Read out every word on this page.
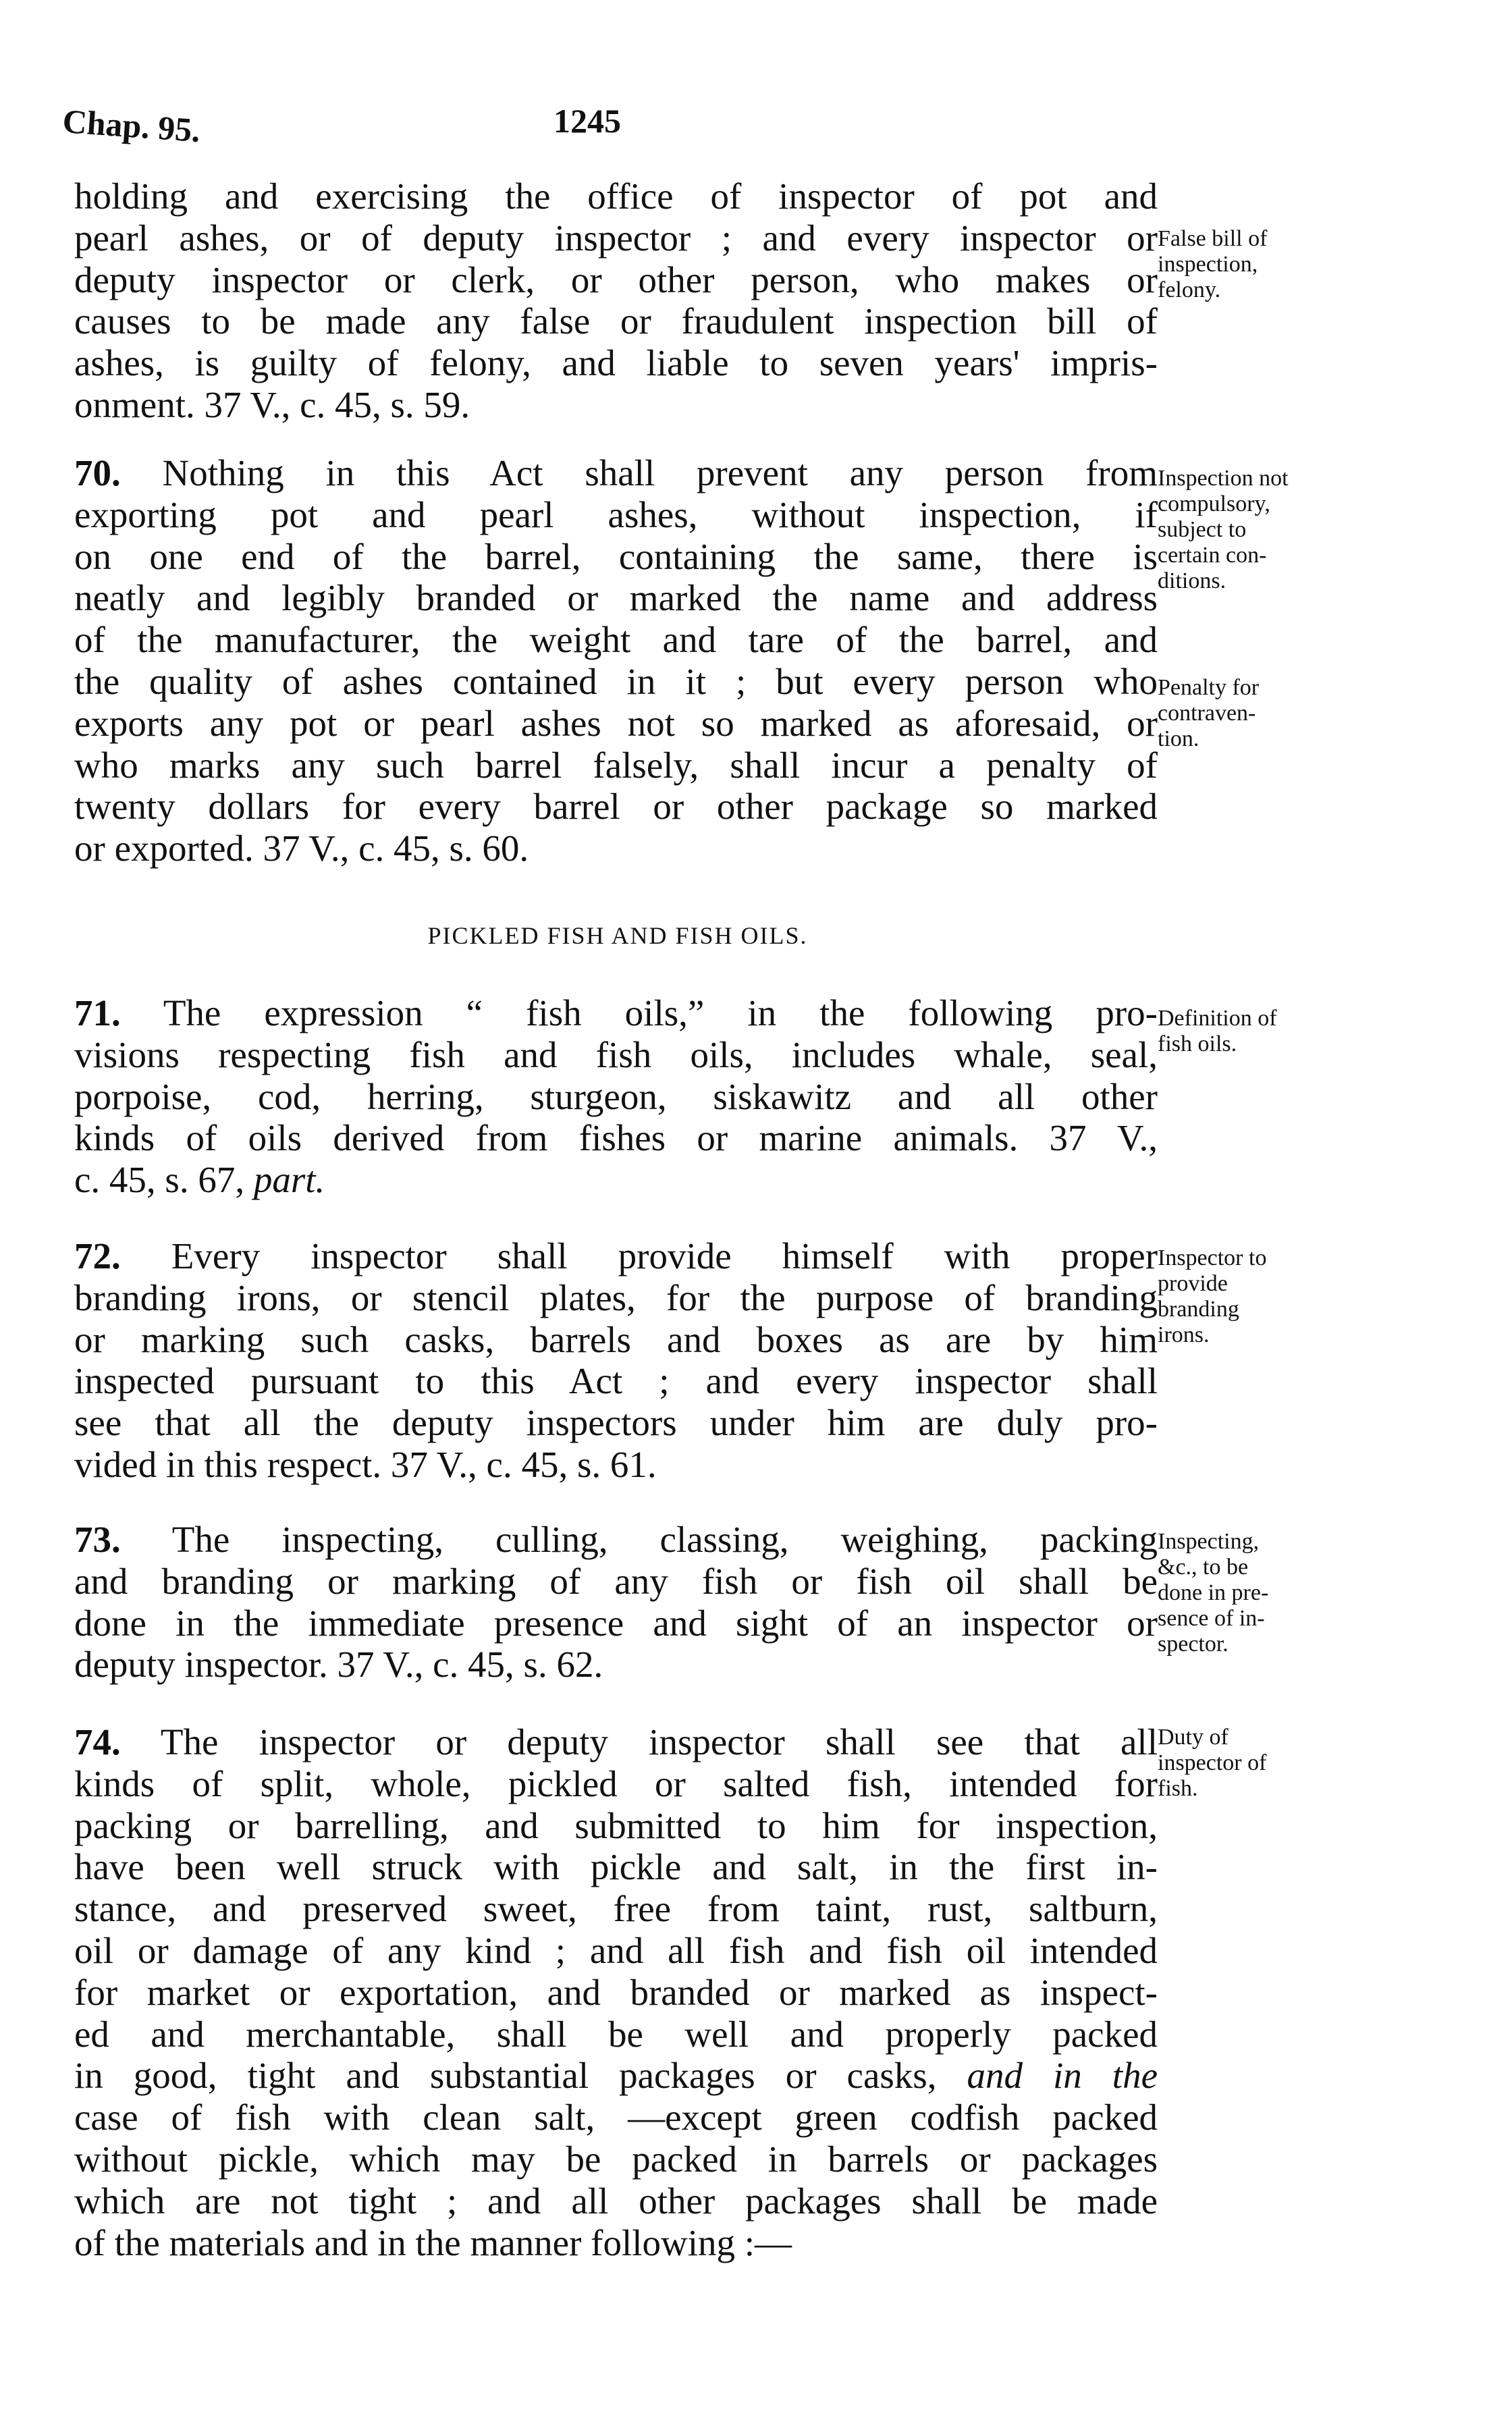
Chap. 95.	1245

holding and exercising the office of inspector of pot and
pearl ashes, or of deputy inspector ; and every inspector or
deputy inspector or clerk, or other person, who makes or
causes to be made any false or fraudulent inspection bill of
ashes, is guilty of felony, and liable to seven years' impris-
onment. 37 V., c. 45, s. 59.

70. Nothing in this Act shall prevent any person from
exporting pot and pearl ashes, without inspection, if
on one end of the barrel, containing the same, there is
neatly and legibly branded or marked the name and address
of the manufacturer, the weight and tare of the barrel, and
the quality of ashes contained in it ; but every person who
exports any pot or pearl ashes not so marked as aforesaid, or
who marks any such barrel falsely, shall incur a penalty of
twenty dollars for every barrel or other package so marked
or exported. 37 V., c. 45, s. 60.

PICKLED FISH AND FISH OILS.

71. The expression “ fish oils,” in the following pro-
visions respecting fish and fish oils, includes whale, seal,
porpoise, cod, herring, sturgeon, siskawitz and all other
kinds of oils derived from fishes or marine animals. 37 V.,
c. 45, s. 67, part.

72. Every inspector shall provide himself with proper
branding irons, or stencil plates, for the purpose of branding
or marking such casks, barrels and boxes as are by him
inspected pursuant to this Act ; and every inspector shall
see that all the deputy inspectors under him are duly pro-
vided in this respect. 37 V., c. 45, s. 61.

73. The inspecting, culling, classing, weighing, packing
and branding or marking of any fish or fish oil shall be
done in the immediate presence and sight of an inspector or
deputy inspector. 37 V., c. 45, s. 62.

74. The inspector or deputy inspector shall see that all
kinds of split, whole, pickled or salted fish, intended for
packing or barrelling, and submitted to him for inspection,
have been well struck with pickle and salt, in the first in-
stance, and preserved sweet, free from taint, rust, saltburn,
oil or damage of any kind ; and all fish and fish oil intended
for market or exportation, and branded or marked as inspect-
ed and merchantable, shall be well and properly packed
in good, tight and substantial packages or casks, and in the
case of fish with clean salt, —except green codfish packed
without pickle, which may be packed in barrels or packages
which are not tight ; and all other packages shall be made
of the materials and in the manner following :—

False bill of
inspection,
felony.
Inspection not
compulsory,
subject to
certain con-
ditions.
Penalty for
contraven-
tion.
Definition of
fish oils.
Inspector to
provide
branding
irons.
Inspecting,
&c., to be
done in pre-
sence of in-
spector.
Duty of
inspector of
fish.
